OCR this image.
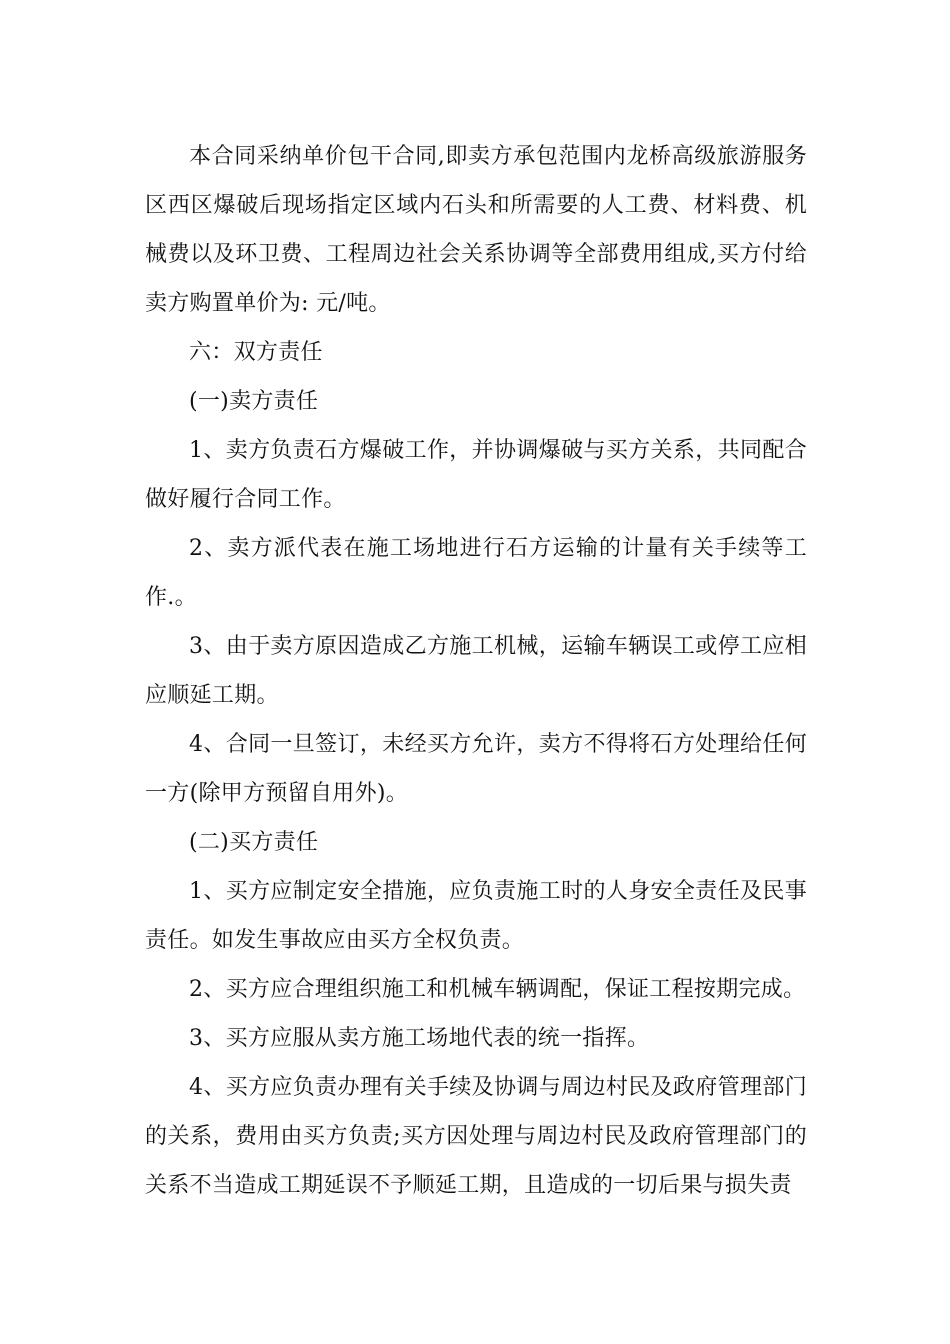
本合同采纳单价包干合同,即卖方承包范围内龙桥高级旅游服务区西区爆破后现场指定区域内石头和所需要的人工费、材料费、机械费以及环卫费、工程周边社会关系协调等全部费用组成,买方付给卖方购置单价为: 元/吨。

六：双方责任

(一)卖方责任

1、卖方负责石方爆破工作，并协调爆破与买方关系，共同配合做好履行合同工作。

2、卖方派代表在施工场地进行石方运输的计量有关手续等工作.。

3、由于卖方原因造成乙方施工机械，运输车辆误工或停工应相应顺延工期。

4、合同一旦签订，未经买方允许，卖方不得将石方处理给任何一方(除甲方预留自用外)。

(二)买方责任

1、买方应制定安全措施，应负责施工时的人身安全责任及民事责任。如发生事故应由买方全权负责。

2、买方应合理组织施工和机械车辆调配，保证工程按期完成。

3、买方应服从卖方施工场地代表的统一指挥。

4、买方应负责办理有关手续及协调与周边村民及政府管理部门的关系，费用由买方负责;买方因处理与周边村民及政府管理部门的关系不当造成工期延误不予顺延工期，且造成的一切后果与损失责
